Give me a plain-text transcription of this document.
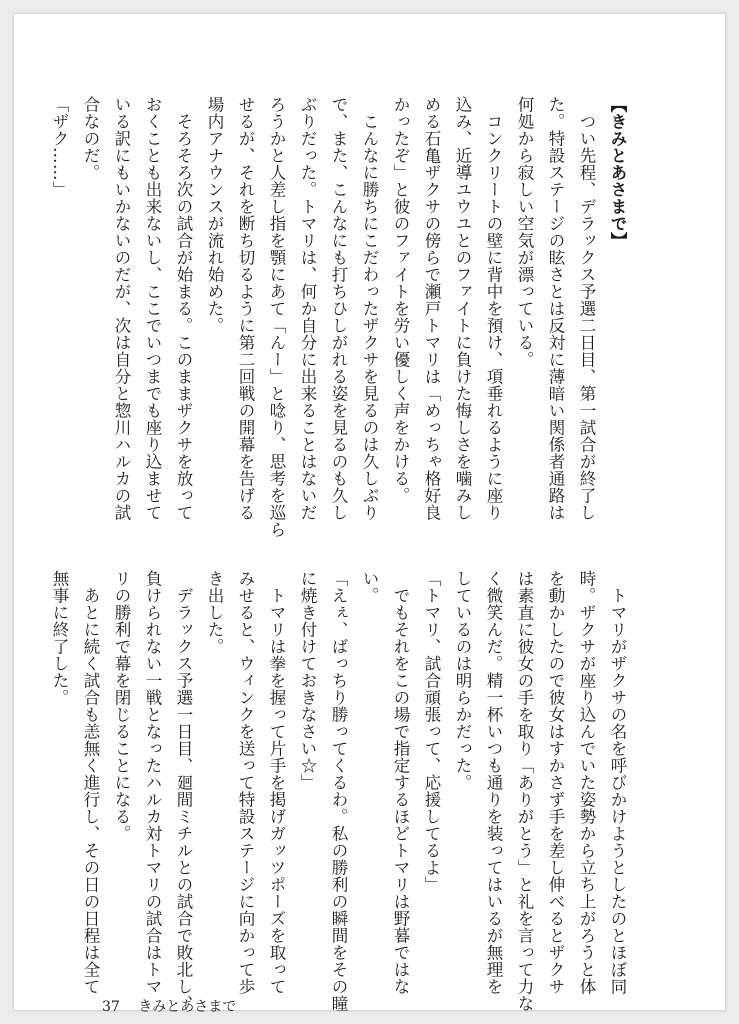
【きみとあさまで】
　つい先程、デラックス予選二日目、第一試合が終了し
た。特設ステージの眩さとは反対に薄暗い関係者通路は
何処から寂しい空気が漂っている。
　コンクリートの壁に背中を預け、項垂れるように座り
込み、近導ユウユとのファイトに負けた悔しさを噛みし
める石亀ザクサの傍らで瀬戸トマリは「めっちゃ格好良
かったぞ」と彼のファイトを労い優しく声をかける。
　こんなに勝ちにこだわったザクサを見るのは久しぶり
で、また、こんなにも打ちひしがれる姿を見るのも久し
ぶりだった。トマリは、何か自分に出来ることはないだ
ろうかと人差し指を顎にあて「んー」と唸り、思考を巡ら
せるが、それを断ち切るように第二回戦の開幕を告げる
場内アナウンスが流れ始めた。
　そろそろ次の試合が始まる。このままザクサを放って
おくことも出来ないし、ここでいつまでも座り込ませて
いる訳にもいかないのだが、次は自分と惣川ハルカの試
合なのだ。
「ザク……」
　トマリがザクサの名を呼びかけようとしたのとほぼ同
時。ザクサが座り込んでいた姿勢から立ち上がろうと体
を動かしたので彼女はすかさず手を差し伸べるとザクサ
は素直に彼女の手を取り「ありがとう」と礼を言って力な
く微笑んだ。精一杯いつも通りを装ってはいるが無理を
しているのは明らかだった。
「トマリ、試合頑張って、応援してるよ」
　でもそれをこの場で指定するほどトマリは野暮ではな
い。
「えぇ、ばっちり勝ってくるわ。私の勝利の瞬間をその瞳
に焼き付けておきなさい☆」
　トマリは拳を握って片手を掲げガッツポーズを取って
みせると、ウィンクを送って特設ステージに向かって歩
き出した。
　デラックス予選一日目、廻間ミチルとの試合で敗北し、
負けられない一戦となったハルカ対トマリの試合はトマ
リの勝利で幕を閉じることになる。
　あとに続く試合も恙無く進行し、その日の日程は全て
無事に終了した。
37 きみとあさまで
